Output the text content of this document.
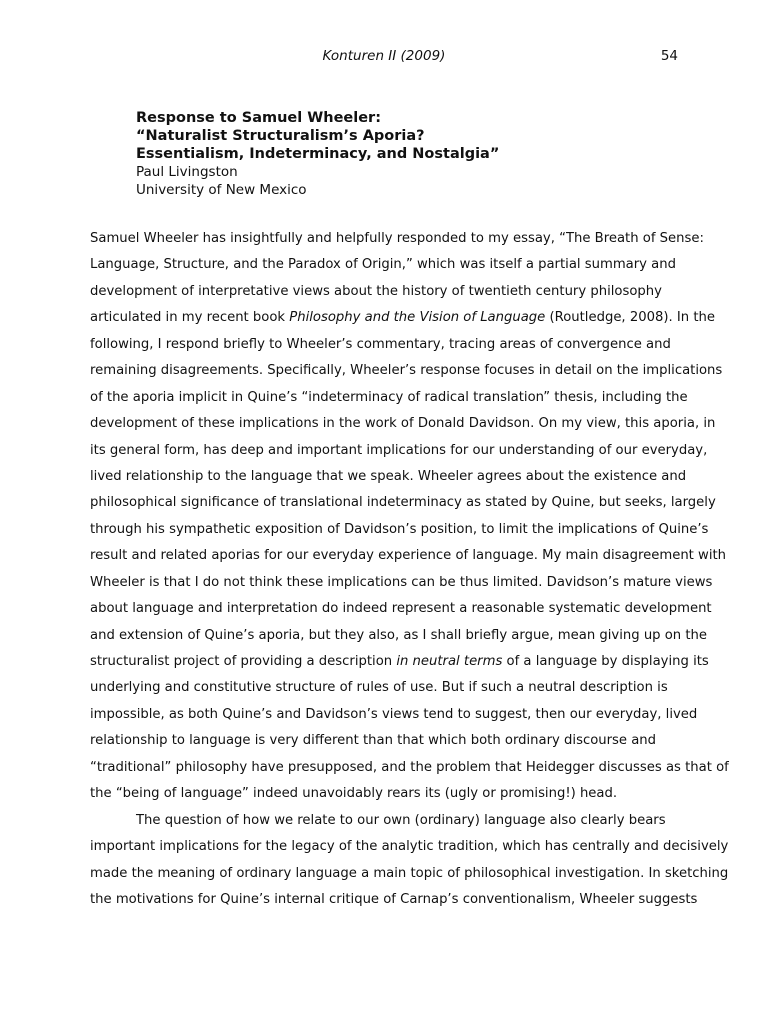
Konturen II (2009)	54
Response to Samuel Wheeler:
“Naturalist Structuralism’s Aporia?
Essentialism, Indeterminacy, and Nostalgia”
Paul Livingston
University of New Mexico
Samuel Wheeler has insightfully and helpfully responded to my essay, “The Breath of Sense:
Language, Structure, and the Paradox of Origin,” which was itself a partial summary and
development of interpretative views about the history of twentieth century philosophy
articulated in my recent book Philosophy and the Vision of Language (Routledge, 2008). In the
following, I respond briefly to Wheeler’s commentary, tracing areas of convergence and
remaining disagreements. Specifically, Wheeler’s response focuses in detail on the implications
of the aporia implicit in Quine’s “indeterminacy of radical translation” thesis, including the
development of these implications in the work of Donald Davidson. On my view, this aporia, in
its general form, has deep and important implications for our understanding of our everyday,
lived relationship to the language that we speak. Wheeler agrees about the existence and
philosophical significance of translational indeterminacy as stated by Quine, but seeks, largely
through his sympathetic exposition of Davidson’s position, to limit the implications of Quine’s
result and related aporias for our everyday experience of language. My main disagreement with
Wheeler is that I do not think these implications can be thus limited. Davidson’s mature views
about language and interpretation do indeed represent a reasonable systematic development
and extension of Quine’s aporia, but they also, as I shall briefly argue, mean giving up on the
structuralist project of providing a description in neutral terms of a language by displaying its
underlying and constitutive structure of rules of use. But if such a neutral description is
impossible, as both Quine’s and Davidson’s views tend to suggest, then our everyday, lived
relationship to language is very different than that which both ordinary discourse and
“traditional” philosophy have presupposed, and the problem that Heidegger discusses as that of
the “being of language” indeed unavoidably rears its (ugly or promising!) head.
The question of how we relate to our own (ordinary) language also clearly bears
important implications for the legacy of the analytic tradition, which has centrally and decisively
made the meaning of ordinary language a main topic of philosophical investigation. In sketching
the motivations for Quine’s internal critique of Carnap’s conventionalism, Wheeler suggests
